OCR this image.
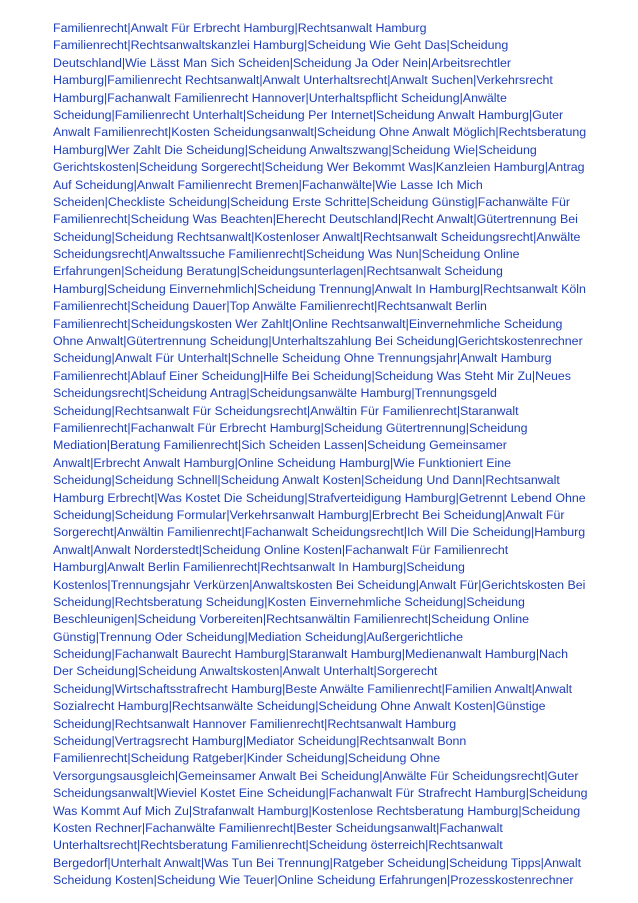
Familienrecht|Anwalt Für Erbrecht Hamburg|Rechtsanwalt Hamburg
Familienrecht|Rechtsanwaltskanzlei Hamburg|Scheidung Wie Geht Das|Scheidung
Deutschland|Wie Lässt Man Sich Scheiden|Scheidung Ja Oder Nein|Arbeitsrechtler
Hamburg|Familienrecht Rechtsanwalt|Anwalt Unterhaltsrecht|Anwalt Suchen|Verkehrsrecht
Hamburg|Fachanwalt Familienrecht Hannover|Unterhaltspflicht Scheidung|Anwälte
Scheidung|Familienrecht Unterhalt|Scheidung Per Internet|Scheidung Anwalt Hamburg|Guter
Anwalt Familienrecht|Kosten Scheidungsanwalt|Scheidung Ohne Anwalt Möglich|Rechtsberatung
Hamburg|Wer Zahlt Die Scheidung|Scheidung Anwaltszwang|Scheidung Wie|Scheidung
Gerichtskosten|Scheidung Sorgerecht|Scheidung Wer Bekommt Was|Kanzleien Hamburg|Antrag
Auf Scheidung|Anwalt Familienrecht Bremen|Fachanwälte|Wie Lasse Ich Mich
Scheiden|Checkliste Scheidung|Scheidung Erste Schritte|Scheidung Günstig|Fachanwälte Für
Familienrecht|Scheidung Was Beachten|Eherecht Deutschland|Recht Anwalt|Gütertrennung Bei
Scheidung|Scheidung Rechtsanwalt|Kostenloser Anwalt|Rechtsanwalt Scheidungsrecht|Anwälte
Scheidungsrecht|Anwaltssuche Familienrecht|Scheidung Was Nun|Scheidung Online
Erfahrungen|Scheidung Beratung|Scheidungsunterlagen|Rechtsanwalt Scheidung
Hamburg|Scheidung Einvernehmlich|Scheidung Trennung|Anwalt In Hamburg|Rechtsanwalt Köln
Familienrecht|Scheidung Dauer|Top Anwälte Familienrecht|Rechtsanwalt Berlin
Familienrecht|Scheidungskosten Wer Zahlt|Online Rechtsanwalt|Einvernehmliche Scheidung
Ohne Anwalt|Gütertrennung Scheidung|Unterhaltszahlung Bei Scheidung|Gerichtskostenrechner
Scheidung|Anwalt Für Unterhalt|Schnelle Scheidung Ohne Trennungsjahr|Anwalt Hamburg
Familienrecht|Ablauf Einer Scheidung|Hilfe Bei Scheidung|Scheidung Was Steht Mir Zu|Neues
Scheidungsrecht|Scheidung Antrag|Scheidungsanwälte Hamburg|Trennungsgeld
Scheidung|Rechtsanwalt Für Scheidungsrecht|Anwältin Für Familienrecht|Staranwalt
Familienrecht|Fachanwalt Für Erbrecht Hamburg|Scheidung Gütertrennung|Scheidung
Mediation|Beratung Familienrecht|Sich Scheiden Lassen|Scheidung Gemeinsamer
Anwalt|Erbrecht Anwalt Hamburg|Online Scheidung Hamburg|Wie Funktioniert Eine
Scheidung|Scheidung Schnell|Scheidung Anwalt Kosten|Scheidung Und Dann|Rechtsanwalt
Hamburg Erbrecht|Was Kostet Die Scheidung|Strafverteidigung Hamburg|Getrennt Lebend Ohne
Scheidung|Scheidung Formular|Verkehrsanwalt Hamburg|Erbrecht Bei Scheidung|Anwalt Für
Sorgerecht|Anwältin Familienrecht|Fachanwalt Scheidungsrecht|Ich Will Die Scheidung|Hamburg
Anwalt|Anwalt Norderstedt|Scheidung Online Kosten|Fachanwalt Für Familienrecht
Hamburg|Anwalt Berlin Familienrecht|Rechtsanwalt In Hamburg|Scheidung
Kostenlos|Trennungsjahr Verkürzen|Anwaltskosten Bei Scheidung|Anwalt Für|Gerichtskosten Bei
Scheidung|Rechtsberatung Scheidung|Kosten Einvernehmliche Scheidung|Scheidung
Beschleunigen|Scheidung Vorbereiten|Rechtsanwältin Familienrecht|Scheidung Online
Günstig|Trennung Oder Scheidung|Mediation Scheidung|Außergerichtliche
Scheidung|Fachanwalt Baurecht Hamburg|Staranwalt Hamburg|Medienanwalt Hamburg|Nach
Der Scheidung|Scheidung Anwaltskosten|Anwalt Unterhalt|Sorgerecht
Scheidung|Wirtschaftsstrafrecht Hamburg|Beste Anwälte Familienrecht|Familien Anwalt|Anwalt
Sozialrecht Hamburg|Rechtsanwälte Scheidung|Scheidung Ohne Anwalt Kosten|Günstige
Scheidung|Rechtsanwalt Hannover Familienrecht|Rechtsanwalt Hamburg
Scheidung|Vertragsrecht Hamburg|Mediator Scheidung|Rechtsanwalt Bonn
Familienrecht|Scheidung Ratgeber|Kinder Scheidung|Scheidung Ohne
Versorgungsausgleich|Gemeinsamer Anwalt Bei Scheidung|Anwälte Für Scheidungsrecht|Guter
Scheidungsanwalt|Wieviel Kostet Eine Scheidung|Fachanwalt Für Strafrecht Hamburg|Scheidung
Was Kommt Auf Mich Zu|Strafanwalt Hamburg|Kostenlose Rechtsberatung Hamburg|Scheidung
Kosten Rechner|Fachanwälte Familienrecht|Bester Scheidungsanwalt|Fachanwalt
Unterhaltsrecht|Rechtsberatung Familienrecht|Scheidung österreich|Rechtsanwalt
Bergedorf|Unterhalt Anwalt|Was Tun Bei Trennung|Ratgeber Scheidung|Scheidung Tipps|Anwalt
Scheidung Kosten|Scheidung Wie Teuer|Online Scheidung Erfahrungen|Prozesskostenrechner
